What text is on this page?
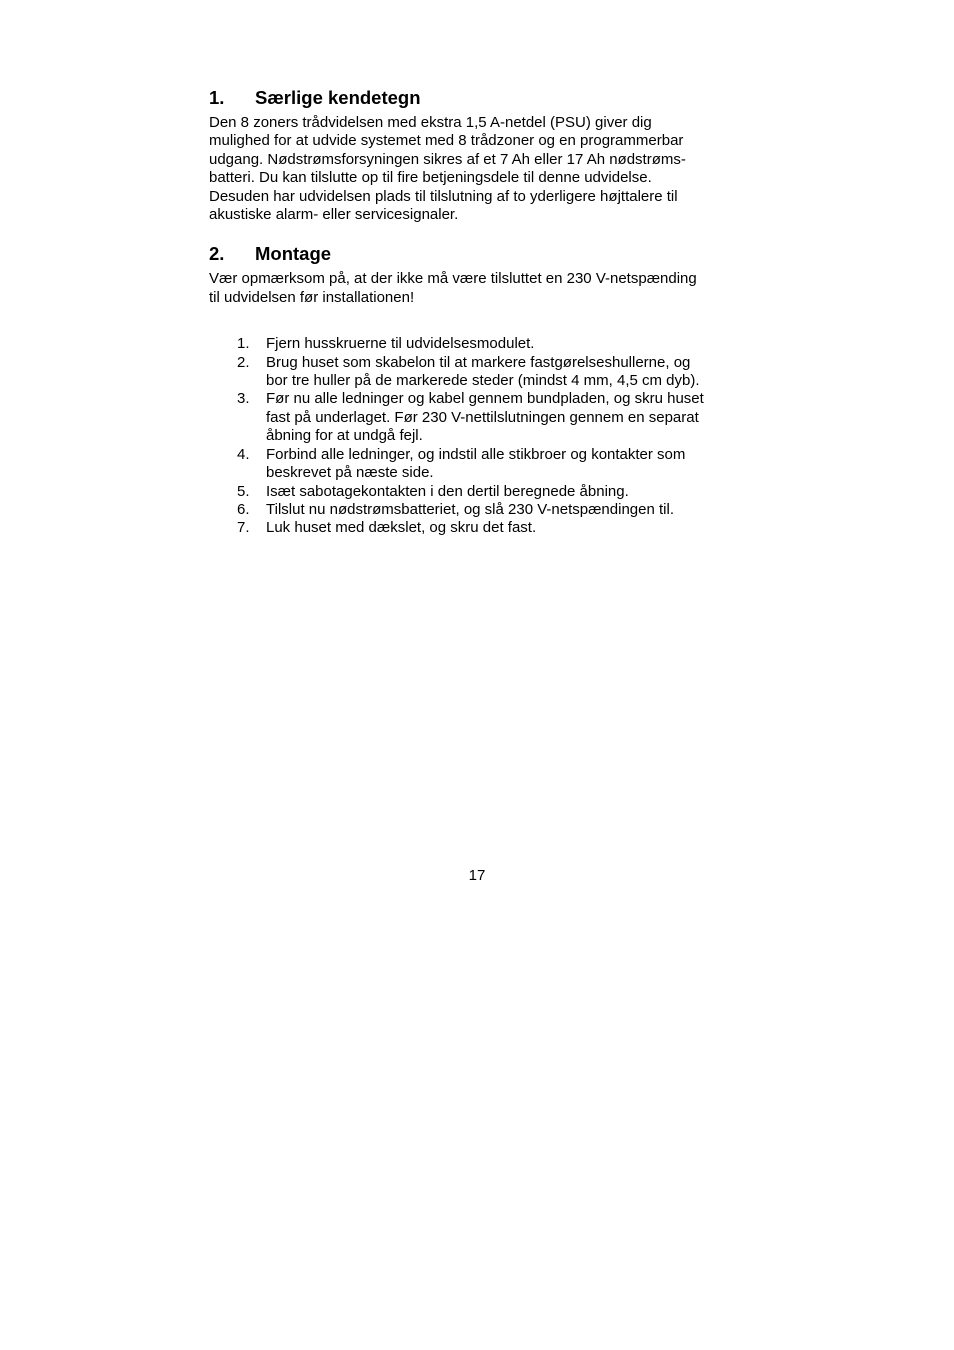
1.	Særlige kendetegn

Den 8 zoners trådvidelsen med ekstra 1,5 A-netdel (PSU) giver dig
mulighed for at udvide systemet med 8 trådzoner og en programmerbar
udgang. Nødstrømsforsyningen sikres af et 7 Ah eller 17 Ah nødstrøms-
batteri. Du kan tilslutte op til fire betjeningsdele til denne udvidelse.
Desuden har udvidelsen plads til tilslutning af to yderligere højttalere til
akustiske alarm- eller servicesignaler.

2.	Montage

Vær opmærksom på, at der ikke må være tilsluttet en 230 V-netspænding
til udvidelsen før installationen!

1.	Fjern husskruerne til udvidelsesmodulet.
2.	Brug huset som skabelon til at markere fastgørelseshullerne, og
bor tre huller på de markerede steder (mindst 4 mm, 4,5 cm dyb).
3.	Før nu alle ledninger og kabel gennem bundpladen, og skru huset
fast på underlaget. Før 230 V-nettilslutningen gennem en separat
åbning for at undgå fejl.
4.	Forbind alle ledninger, og indstil alle stikbroer og kontakter som
beskrevet på næste side.
5.	Isæt sabotagekontakten i den dertil beregnede åbning.
6.	Tilslut nu nødstrømsbatteriet, og slå 230 V-netspændingen til.
7.	Luk huset med dækslet, og skru det fast.
17
